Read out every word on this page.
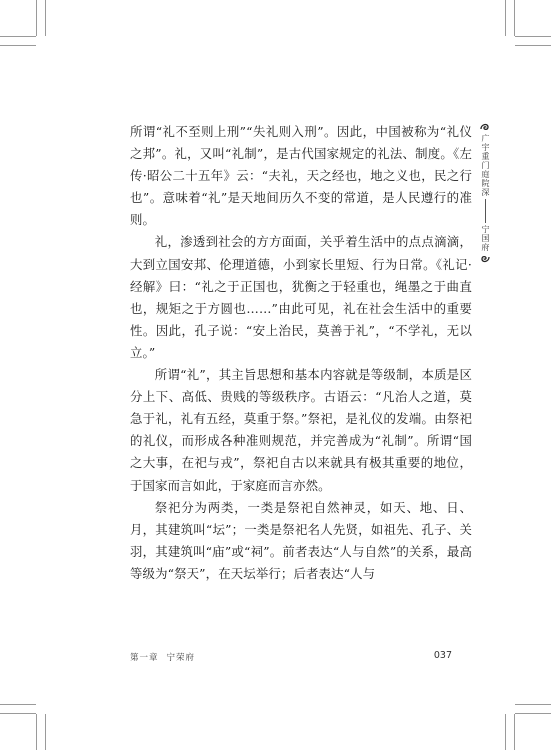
所谓“礼不至则上刑”“失礼则入刑”。因此，中国被称为“礼仪之邦”。礼，又叫“礼制”，是古代国家规定的礼法、制度。《左传·昭公二十五年》云：“夫礼，天之经也，地之义也，民之行也”。意味着“礼”是天地间历久不变的常道，是人民遵行的准则。

礼，渗透到社会的方方面面，关乎着生活中的点点滴滴，大到立国安邦、伦理道德，小到家长里短、行为日常。《礼记·经解》曰：“礼之于正国也，犹衡之于轻重也，绳墨之于曲直也，规矩之于方圆也……”由此可见，礼在社会生活中的重要性。因此，孔子说：“安上治民，莫善于礼”，“不学礼，无以立。”

所谓“礼”，其主旨思想和基本内容就是等级制，本质是区分上下、高低、贵贱的等级秩序。古语云：“凡治人之道，莫急于礼，礼有五经，莫重于祭。”祭祀，是礼仪的发端。由祭祀的礼仪，而形成各种准则规范，并完善成为“礼制”。所谓“国之大事，在祀与戎”，祭祀自古以来就具有极其重要的地位，于国家而言如此，于家庭而言亦然。

祭祀分为两类，一类是祭祀自然神灵，如天、地、日、月，其建筑叫“坛”；一类是祭祀名人先贤，如祖先、孔子、关羽，其建筑叫“庙”或“祠”。前者表达“人与自然”的关系，最高等级为“祭天”，在天坛举行；后者表达“人与

广宇重门庭院深
宁国府
第一章 宁荣府	037
